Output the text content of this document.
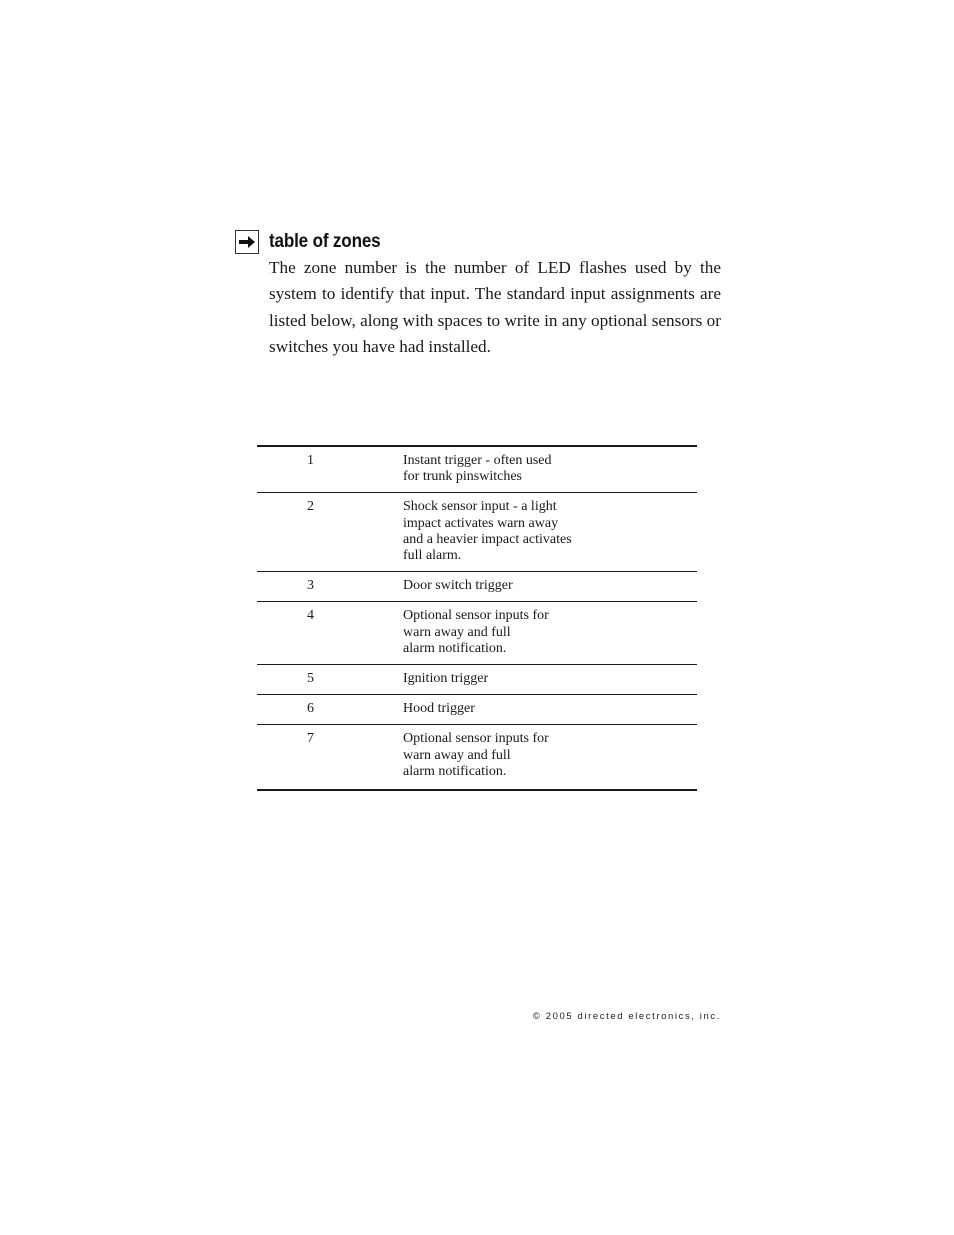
table of zones

The zone number is the number of LED flashes used by the system to identify that input. The standard input assignments are listed below, along with spaces to write in any optional sensors or switches you have had installed.

1	Instant trigger - often used
for trunk pinswitches
2	Shock sensor input - a light
impact activates warn away
and a heavier impact activates
full alarm.
3	Door switch trigger
4	Optional sensor inputs for
warn away and full
alarm notification.
5	Ignition trigger
6	Hood trigger
7	Optional sensor inputs for
warn away and full
alarm notification.
© 2005 directed electronics, inc.
